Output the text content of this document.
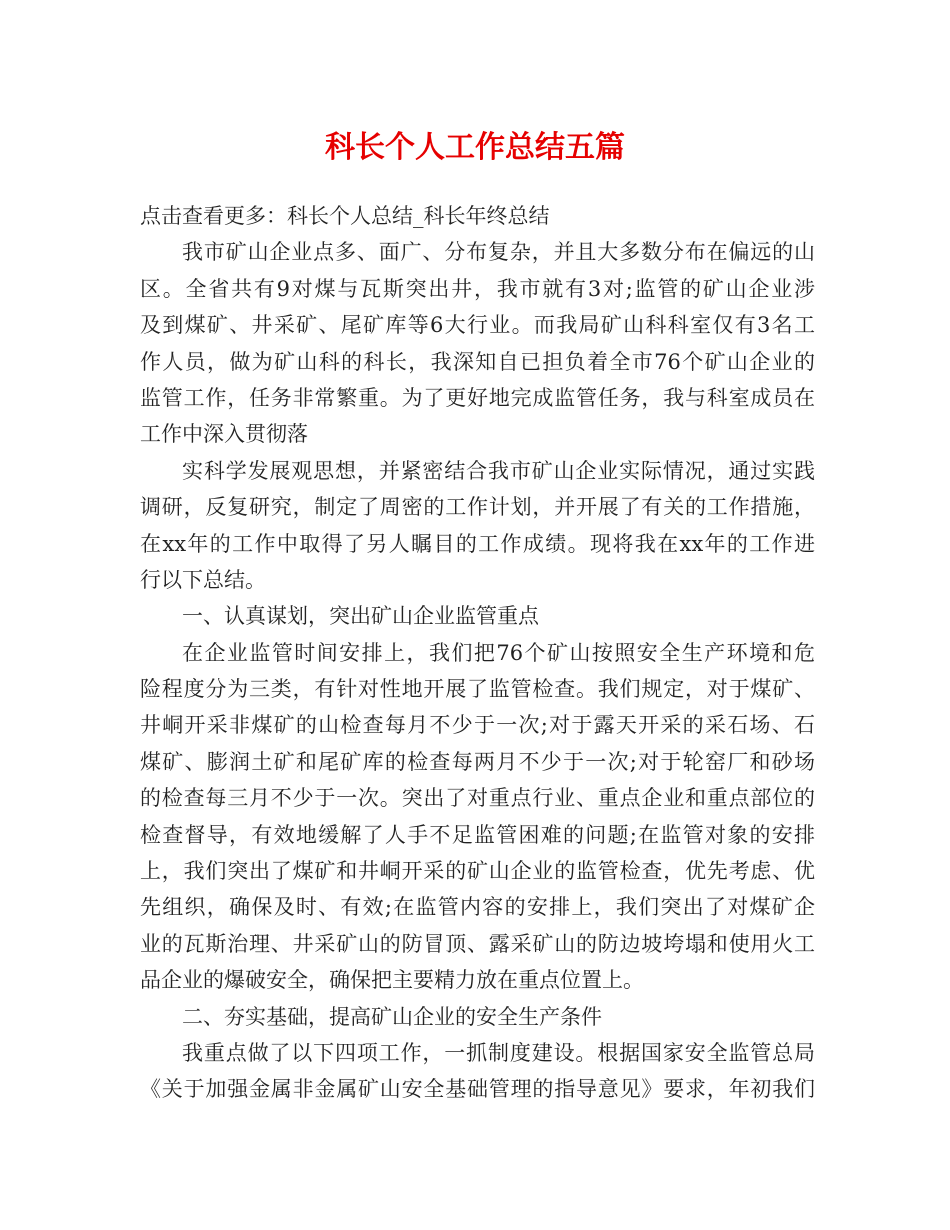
科长个人工作总结五篇
点击查看更多：科长个人总结_科长年终总结
我市矿山企业点多、面广、分布复杂，并且大多数分布在偏远的山
区。全省共有9对煤与瓦斯突出井，我市就有3对;监管的矿山企业涉
及到煤矿、井采矿、尾矿库等6大行业。而我局矿山科科室仅有3名工
作人员，做为矿山科的科长，我深知自已担负着全市76个矿山企业的
监管工作，任务非常繁重。为了更好地完成监管任务，我与科室成员在
工作中深入贯彻落
实科学发展观思想，并紧密结合我市矿山企业实际情况，通过实践
调研，反复研究，制定了周密的工作计划，并开展了有关的工作措施，
在xx年的工作中取得了另人瞩目的工作成绩。现将我在xx年的工作进
行以下总结。
一、认真谋划，突出矿山企业监管重点
在企业监管时间安排上，我们把76个矿山按照安全生产环境和危
险程度分为三类，有针对性地开展了监管检查。我们规定，对于煤矿、
井峒开采非煤矿的山检查每月不少于一次;对于露天开采的采石场、石
煤矿、膨润土矿和尾矿库的检查每两月不少于一次;对于轮窑厂和砂场
的检查每三月不少于一次。突出了对重点行业、重点企业和重点部位的
检查督导，有效地缓解了人手不足监管困难的问题;在监管对象的安排
上，我们突出了煤矿和井峒开采的矿山企业的监管检查，优先考虑、优
先组织，确保及时、有效;在监管内容的安排上，我们突出了对煤矿企
业的瓦斯治理、井采矿山的防冒顶、露采矿山的防边坡垮塌和使用火工
品企业的爆破安全，确保把主要精力放在重点位置上。
二、夯实基础，提高矿山企业的安全生产条件
我重点做了以下四项工作，一抓制度建设。根据国家安全监管总局
《关于加强金属非金属矿山安全基础管理的指导意见》要求，年初我们
